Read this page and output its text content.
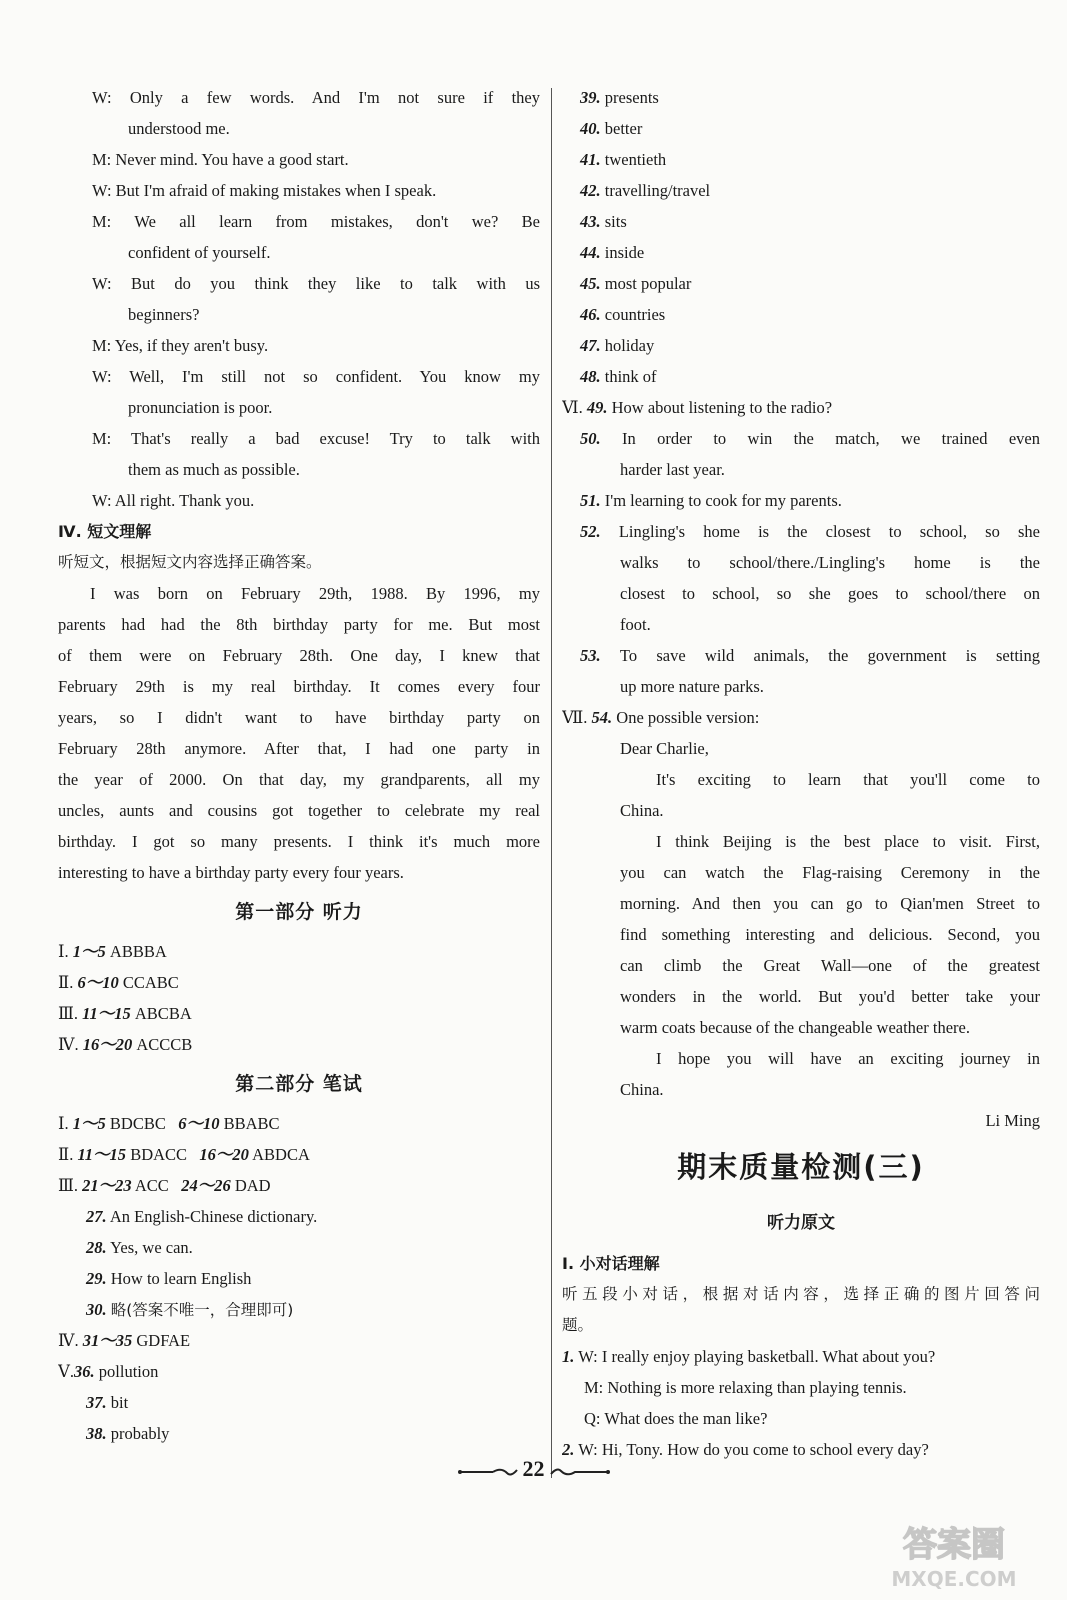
W: Only a few words. And I'm not sure if they
understood me.
M: Never mind. You have a good start.
W: But I'm afraid of making mistakes when I speak.
M: We all learn from mistakes, don't we? Be
confident of yourself.
W: But do you think they like to talk with us
beginners?
M: Yes, if they aren't busy.
W: Well, I'm still not so confident. You know my
pronunciation is poor.
M: That's really a bad excuse! Try to talk with
them as much as possible.
W: All right. Thank you.
Ⅳ. 短文理解
听短文，根据短文内容选择正确答案。
I was born on February 29th, 1988. By 1996, my
parents had had the 8th birthday party for me. But most
of them were on February 28th. One day, I knew that
February 29th is my real birthday. It comes every four
years, so I didn't want to have birthday party on
February 28th anymore. After that, I had one party in
the year of 2000. On that day, my grandparents, all my
uncles, aunts and cousins got together to celebrate my real
birthday. I got so many presents. I think it's much more
interesting to have a birthday party every four years.
第一部分 听力
Ⅰ. 1～5 ABBBA
Ⅱ. 6～10 CCABC
Ⅲ. 11～15 ABCBA
Ⅳ. 16～20 ACCCB
第二部分 笔试
Ⅰ. 1～5 BDCBC 6～10 BBABC
Ⅱ. 11～15 BDACC 16～20 ABDCA
Ⅲ. 21～23 ACC 24～26 DAD
27. An English-Chinese dictionary.
28. Yes, we can.
29. How to learn English
30. 略(答案不唯一，合理即可)
Ⅳ. 31～35 GDFAE
Ⅴ.36. pollution
37. bit
38. probably
39. presents
40. better
41. twentieth
42. travelling/travel
43. sits
44. inside
45. most popular
46. countries
47. holiday
48. think of
Ⅵ. 49. How about listening to the radio?
50. In order to win the match, we trained even
harder last year.
51. I'm learning to cook for my parents.
52. Lingling's home is the closest to school, so she
walks to school/there./Lingling's home is the
closest to school, so she goes to school/there on
foot.
53. To save wild animals, the government is setting
up more nature parks.
Ⅶ. 54. One possible version:
Dear Charlie,
It's exciting to learn that you'll come to
China.
I think Beijing is the best place to visit. First,
you can watch the Flag-raising Ceremony in the
morning. And then you can go to Qian'men Street to
find something interesting and delicious. Second, you
can climb the Great Wall—one of the greatest
wonders in the world. But you'd better take your
warm coats because of the changeable weather there.
I hope you will have an exciting journey in
China.
Li Ming
期末质量检测(三)
听力原文
Ⅰ. 小对话理解
听五段小对话，根据对话内容，选择正确的图片回答问
题。
1. W: I really enjoy playing basketball. What about you?
M: Nothing is more relaxing than playing tennis.
Q: What does the man like?
2. W: Hi, Tony. How do you come to school every day?
22
答案圈
MXQE.COM
